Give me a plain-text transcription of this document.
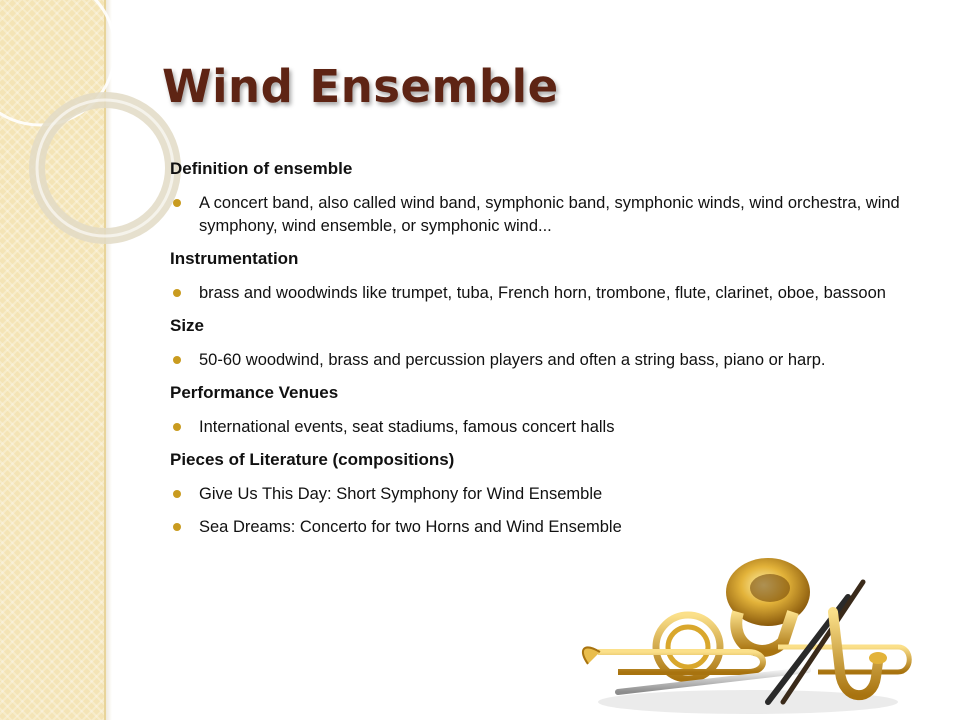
Wind Ensemble
Definition of ensemble
A concert band, also called wind band, symphonic band, symphonic winds, wind orchestra, wind symphony, wind ensemble, or symphonic wind...
Instrumentation
brass and woodwinds like trumpet, tuba, French horn, trombone, flute, clarinet, oboe, bassoon
Size
50-60 woodwind, brass and percussion players and often a string bass, piano or harp.
Performance Venues
International events, seat stadiums, famous concert halls
Pieces of Literature (compositions)
Give Us This Day: Short Symphony for Wind Ensemble
Sea Dreams: Concerto for two Horns and Wind Ensemble
